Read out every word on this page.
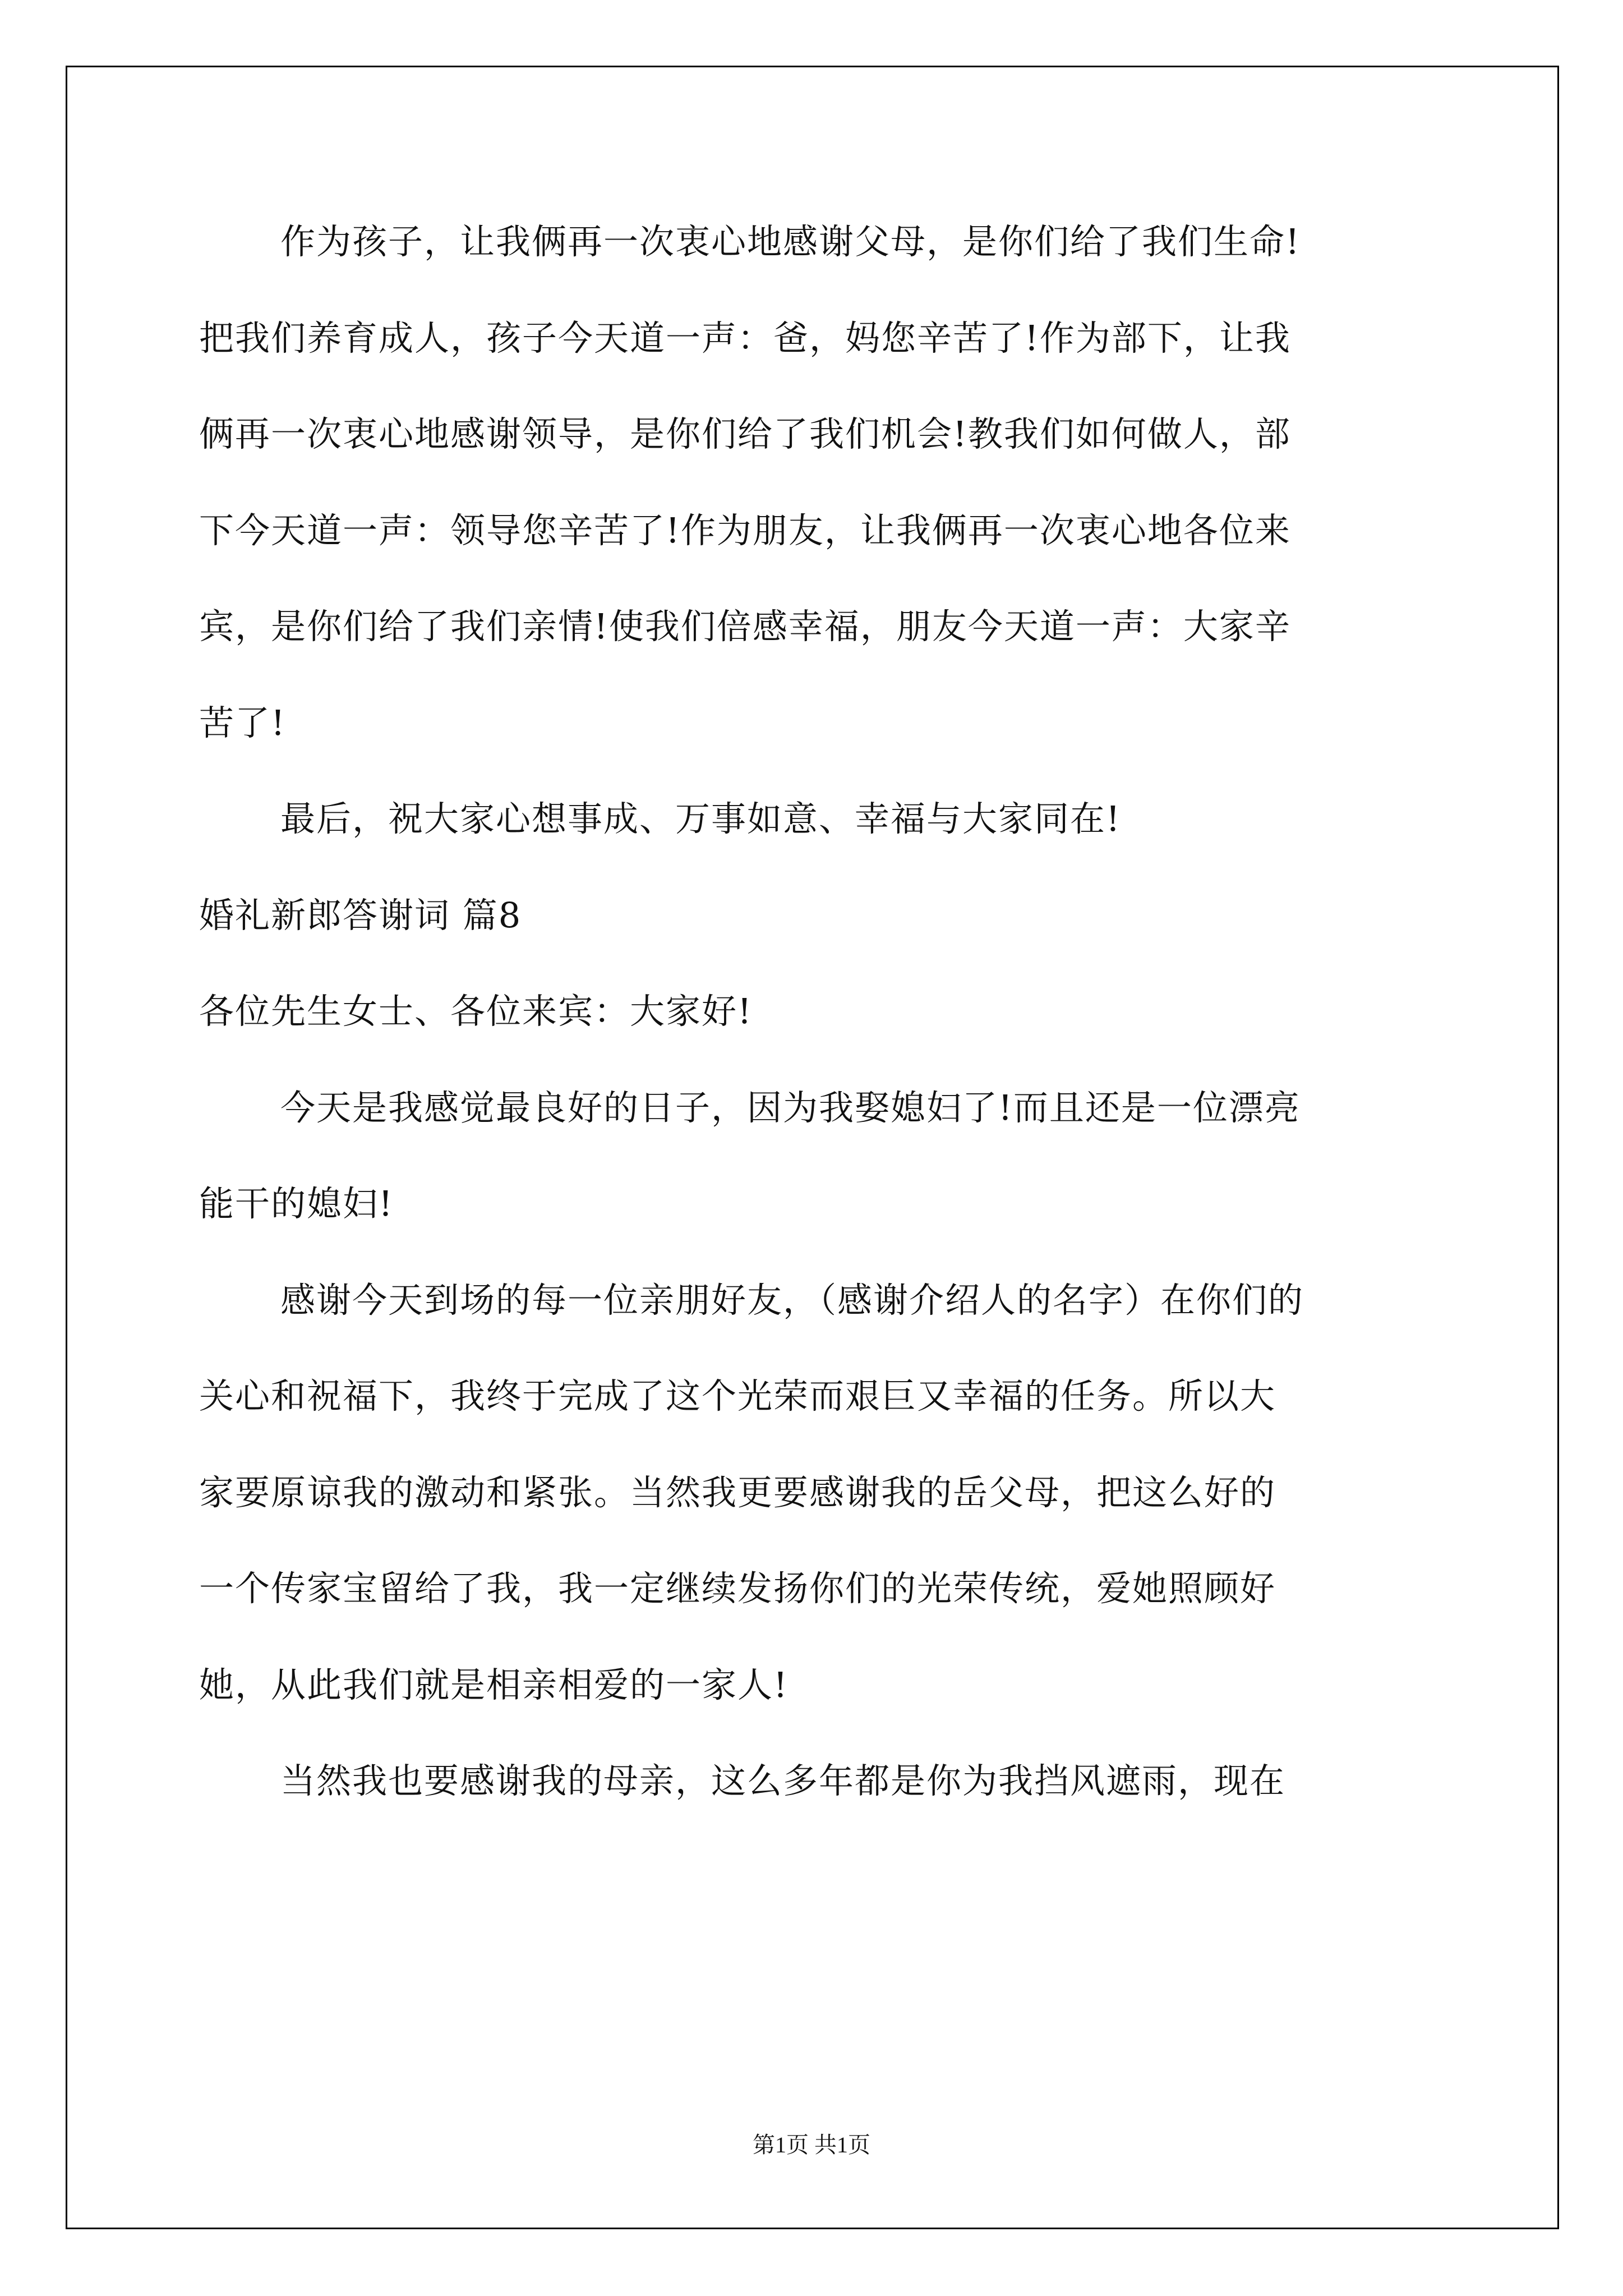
作为孩子，让我俩再一次衷心地感谢父母，是你们给了我们生命!
把我们养育成人，孩子今天道一声：爸，妈您辛苦了!作为部下，让我
俩再一次衷心地感谢领导，是你们给了我们机会!教我们如何做人，部
下今天道一声：领导您辛苦了!作为朋友，让我俩再一次衷心地各位来
宾，是你们给了我们亲情!使我们倍感幸福，朋友今天道一声：大家辛
苦了!
最后，祝大家心想事成、万事如意、幸福与大家同在!
婚礼新郎答谢词 篇8
各位先生女士、各位来宾：大家好!
今天是我感觉最良好的日子，因为我娶媳妇了!而且还是一位漂亮
能干的媳妇!
感谢今天到场的每一位亲朋好友，（感谢介绍人的名字）在你们的
关心和祝福下，我终于完成了这个光荣而艰巨又幸福的任务。所以大
家要原谅我的激动和紧张。当然我更要感谢我的岳父母，把这么好的
一个传家宝留给了我，我一定继续发扬你们的光荣传统，爱她照顾好
她，从此我们就是相亲相爱的一家人!
当然我也要感谢我的母亲，这么多年都是你为我挡风遮雨，现在
第1页 共1页
